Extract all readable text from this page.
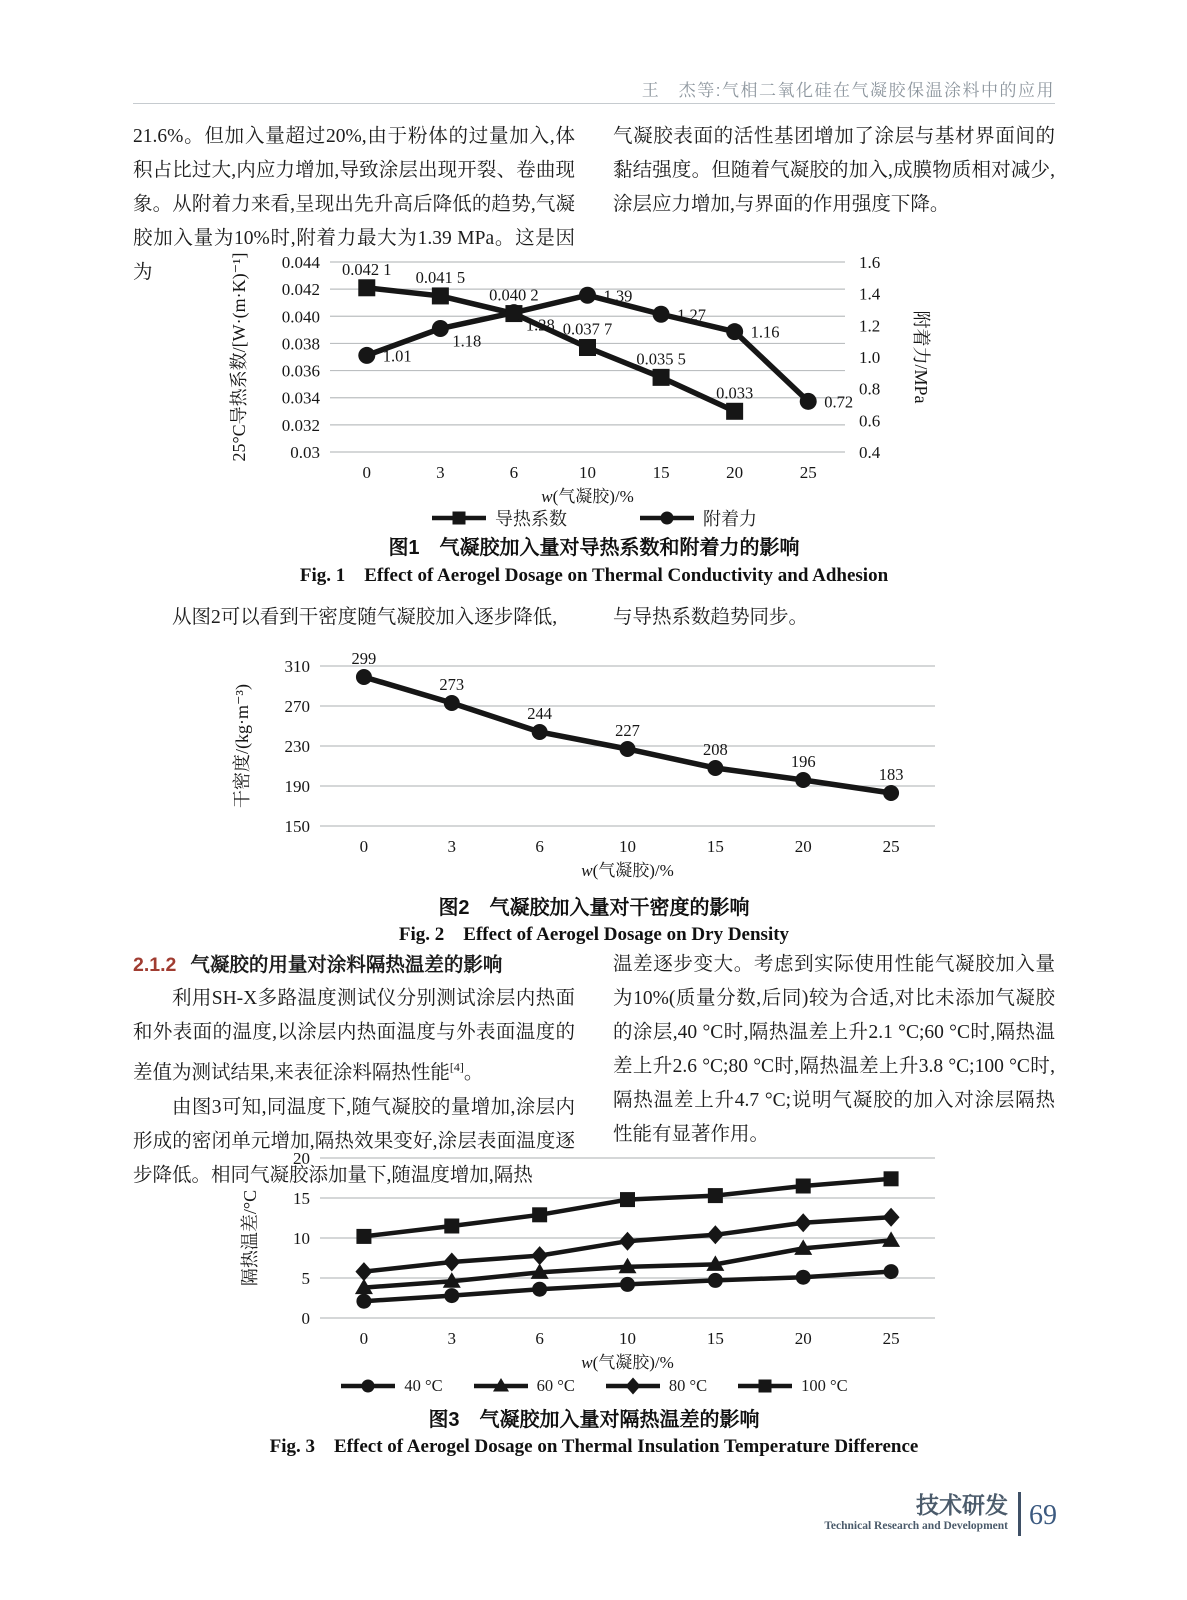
王　杰等:气相二氧化硅在气凝胶保温涂料中的应用
21.6%。但加入量超过20%,由于粉体的过量加入,体积占比过大,内应力增加,导致涂层出现开裂、卷曲现象。从附着力来看,呈现出先升高后降低的趋势,气凝胶加入量为10%时,附着力最大为1.39 MPa。这是因为
气凝胶表面的活性基团增加了涂层与基材界面间的黏结强度。但随着气凝胶的加入,成膜物质相对减少,涂层应力增加,与界面的作用强度下降。
0.044
0.042
0.040
0.038
0.036
0.034
0.032
0.03
1.6
1.4
1.2
1.0
0.8
0.6
0.4
附着力/MPa
25°C导热系数/[W·(m·K)⁻¹]
0	3	6	10	15	20	25
w(气凝胶)/%
0.042 1 0.041 5
0.040 2
0.037 7
0.035 5
0.033
1.01
1.18
1.28
1.39
1.27
1.16
0.72
导热系数	附着力
图1　气凝胶加入量对导热系数和附着力的影响
Fig. 1　Effect of Aerogel Dosage on Thermal Conductivity and Adhesion
从图2可以看到干密度随气凝胶加入逐步降低,	与导热系数趋势同步。
310
270
230
190
150
干密度/(kg·m⁻³)
0	3	6	10	15	20	25
w(气凝胶)/%
299
273
244
227
208
196
183
图2　气凝胶加入量对干密度的影响
Fig. 2　Effect of Aerogel Dosage on Dry Density
2.1.2 气凝胶的用量对涂料隔热温差的影响

利用SH-X多路温度测试仪分别测试涂层内热面和外表面的温度,以涂层内热面温度与外表面温度的差值为测试结果,来表征涂料隔热性能[4]。

由图3可知,同温度下,随气凝胶的量增加,涂层内形成的密闭单元增加,隔热效果变好,涂层表面温度逐步降低。相同气凝胶添加量下,随温度增加,隔热

温差逐步变大。考虑到实际使用性能气凝胶加入量为10%(质量分数,后同)较为合适,对比未添加气凝胶的涂层,40 °C时,隔热温差上升2.1 °C;60 °C时,隔热温差上升2.6 °C;80 °C时,隔热温差上升3.8 °C;100 °C时,隔热温差上升4.7 °C;说明气凝胶的加入对涂层隔热性能有显著作用。
20
15
10
5
0
隔热温差/°C
0	3	6	10	15	20	25
w(气凝胶)/%
40 °C	60 °C	80 °C	100 °C
图3　气凝胶加入量对隔热温差的影响
Fig. 3　Effect of Aerogel Dosage on Thermal Insulation Temperature Difference
技术研发
Technical Research and Development 69
